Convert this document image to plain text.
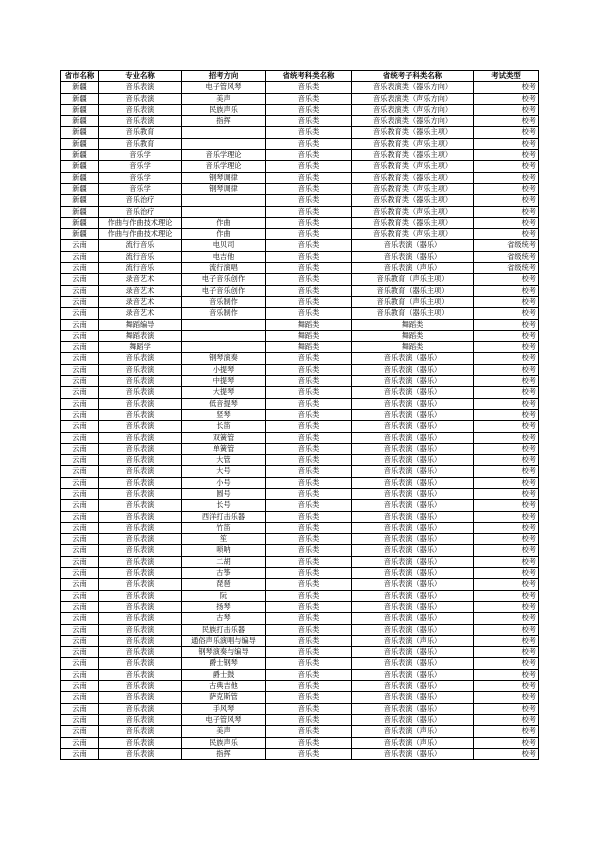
省市名称	专业名称	招考方向	省统考科类名称	省统考子科类名称	考试类型
新疆	音乐表演	电子管风琴	音乐类	音乐表演类（器乐方向）	校考
新疆	音乐表演	美声	音乐类	音乐表演类（声乐方向）	校考
新疆	音乐表演	民族声乐	音乐类	音乐表演类（声乐方向）	校考
新疆	音乐表演	指挥	音乐类	音乐表演类（器乐方向）	校考
新疆	音乐教育		音乐类	音乐教育类（器乐主项）	校考
新疆	音乐教育		音乐类	音乐教育类（声乐主项）	校考
新疆	音乐学	音乐学理论	音乐类	音乐教育类（器乐主项）	校考
新疆	音乐学	音乐学理论	音乐类	音乐教育类（声乐主项）	校考
新疆	音乐学	钢琴调律	音乐类	音乐教育类（器乐主项）	校考
新疆	音乐学	钢琴调律	音乐类	音乐教育类（声乐主项）	校考
新疆	音乐治疗		音乐类	音乐教育类（器乐主项）	校考
新疆	音乐治疗		音乐类	音乐教育类（声乐主项）	校考
新疆	作曲与作曲技术理论	作曲	音乐类	音乐教育类（器乐主项）	校考
新疆	作曲与作曲技术理论	作曲	音乐类	音乐教育类（声乐主项）	校考
云南	流行音乐	电贝司	音乐类	音乐表演（器乐）	省级统考
云南	流行音乐	电吉他	音乐类	音乐表演（器乐）	省级统考
云南	流行音乐	流行演唱	音乐类	音乐表演（声乐）	省级统考
云南	录音艺术	电子音乐创作	音乐类	音乐教育（声乐主项）	校考
云南	录音艺术	电子音乐创作	音乐类	音乐教育（器乐主项）	校考
云南	录音艺术	音乐制作	音乐类	音乐教育（声乐主项）	校考
云南	录音艺术	音乐制作	音乐类	音乐教育（器乐主项）	校考
云南	舞蹈编导		舞蹈类	舞蹈类	校考
云南	舞蹈表演		舞蹈类	舞蹈类	校考
云南	舞蹈学		舞蹈类	舞蹈类	校考
云南	音乐表演	钢琴演奏	音乐类	音乐表演（器乐）	校考
云南	音乐表演	小提琴	音乐类	音乐表演（器乐）	校考
云南	音乐表演	中提琴	音乐类	音乐表演（器乐）	校考
云南	音乐表演	大提琴	音乐类	音乐表演（器乐）	校考
云南	音乐表演	低音提琴	音乐类	音乐表演（器乐）	校考
云南	音乐表演	竖琴	音乐类	音乐表演（器乐）	校考
云南	音乐表演	长笛	音乐类	音乐表演（器乐）	校考
云南	音乐表演	双簧管	音乐类	音乐表演（器乐）	校考
云南	音乐表演	单簧管	音乐类	音乐表演（器乐）	校考
云南	音乐表演	大管	音乐类	音乐表演（器乐）	校考
云南	音乐表演	大号	音乐类	音乐表演（器乐）	校考
云南	音乐表演	小号	音乐类	音乐表演（器乐）	校考
云南	音乐表演	圆号	音乐类	音乐表演（器乐）	校考
云南	音乐表演	长号	音乐类	音乐表演（器乐）	校考
云南	音乐表演	西洋打击乐器	音乐类	音乐表演（器乐）	校考
云南	音乐表演	竹笛	音乐类	音乐表演（器乐）	校考
云南	音乐表演	笙	音乐类	音乐表演（器乐）	校考
云南	音乐表演	唢呐	音乐类	音乐表演（器乐）	校考
云南	音乐表演	二胡	音乐类	音乐表演（器乐）	校考
云南	音乐表演	古筝	音乐类	音乐表演（器乐）	校考
云南	音乐表演	琵琶	音乐类	音乐表演（器乐）	校考
云南	音乐表演	阮	音乐类	音乐表演（器乐）	校考
云南	音乐表演	扬琴	音乐类	音乐表演（器乐）	校考
云南	音乐表演	古琴	音乐类	音乐表演（器乐）	校考
云南	音乐表演	民族打击乐器	音乐类	音乐表演（器乐）	校考
云南	音乐表演	通俗声乐演唱与编导	音乐类	音乐表演（声乐）	校考
云南	音乐表演	钢琴演奏与编导	音乐类	音乐表演（器乐）	校考
云南	音乐表演	爵士钢琴	音乐类	音乐表演（器乐）	校考
云南	音乐表演	爵士鼓	音乐类	音乐表演（器乐）	校考
云南	音乐表演	古典吉他	音乐类	音乐表演（器乐）	校考
云南	音乐表演	萨克斯管	音乐类	音乐表演（器乐）	校考
云南	音乐表演	手风琴	音乐类	音乐表演（器乐）	校考
云南	音乐表演	电子管风琴	音乐类	音乐表演（器乐）	校考
云南	音乐表演	美声	音乐类	音乐表演（声乐）	校考
云南	音乐表演	民族声乐	音乐类	音乐表演（声乐）	校考
云南	音乐表演	指挥	音乐类	音乐表演（器乐）	校考
